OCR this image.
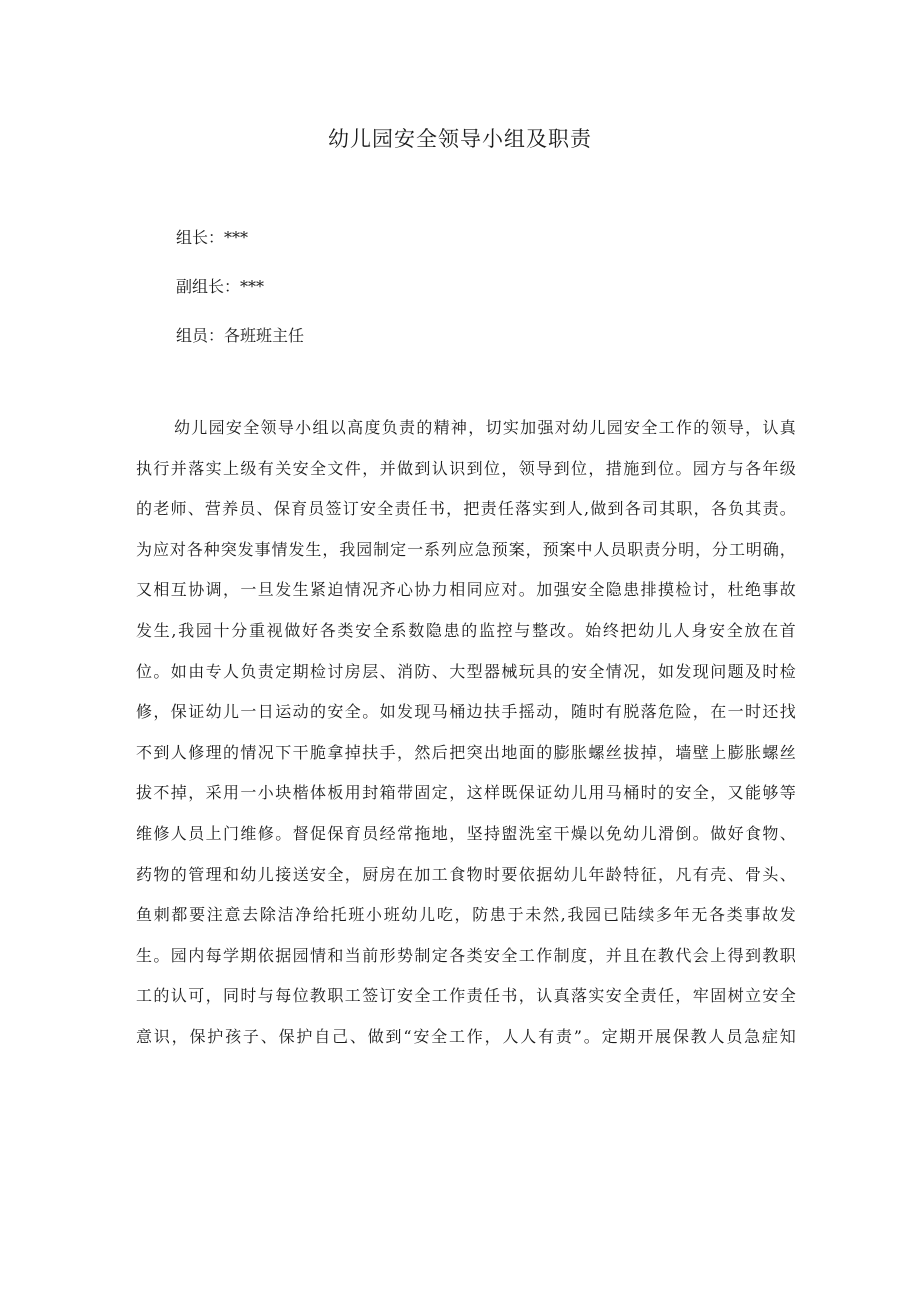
幼儿园安全领导小组及职责
组长：***
副组长：***
组员：各班班主任
幼儿园安全领导小组以高度负责的精神，切实加强对幼儿园安全工作的领导，认真
执行并落实上级有关安全文件，并做到认识到位，领导到位，措施到位。园方与各年级
的老师、营养员、保育员签订安全责任书，把责任落实到人,做到各司其职，各负其责。
为应对各种突发事情发生，我园制定一系列应急预案，预案中人员职责分明，分工明确，
又相互协调，一旦发生紧迫情况齐心协力相同应对。加强安全隐患排摸检讨，杜绝事故
发生,我园十分重视做好各类安全系数隐患的监控与整改。始终把幼儿人身安全放在首
位。如由专人负责定期检讨房层、消防、大型器械玩具的安全情况，如发现问题及时检
修，保证幼儿一日运动的安全。如发现马桶边扶手摇动，随时有脱落危险，在一时还找
不到人修理的情况下干脆拿掉扶手，然后把突出地面的膨胀螺丝拔掉，墙壁上膨胀螺丝
拔不掉，采用一小块楷体板用封箱带固定，这样既保证幼儿用马桶时的安全，又能够等
维修人员上门维修。督促保育员经常拖地，坚持盥洗室干燥以免幼儿滑倒。做好食物、
药物的管理和幼儿接送安全，厨房在加工食物时要依据幼儿年龄特征，凡有壳、骨头、
鱼刺都要注意去除洁净给托班小班幼儿吃，防患于未然,我园已陆续多年无各类事故发
生。园内每学期依据园情和当前形势制定各类安全工作制度，并且在教代会上得到教职
工的认可，同时与每位教职工签订安全工作责任书，认真落实安全责任，牢固树立安全
意识，保护孩子、保护自己、做到“安全工作，人人有责”。定期开展保教人员急症知
